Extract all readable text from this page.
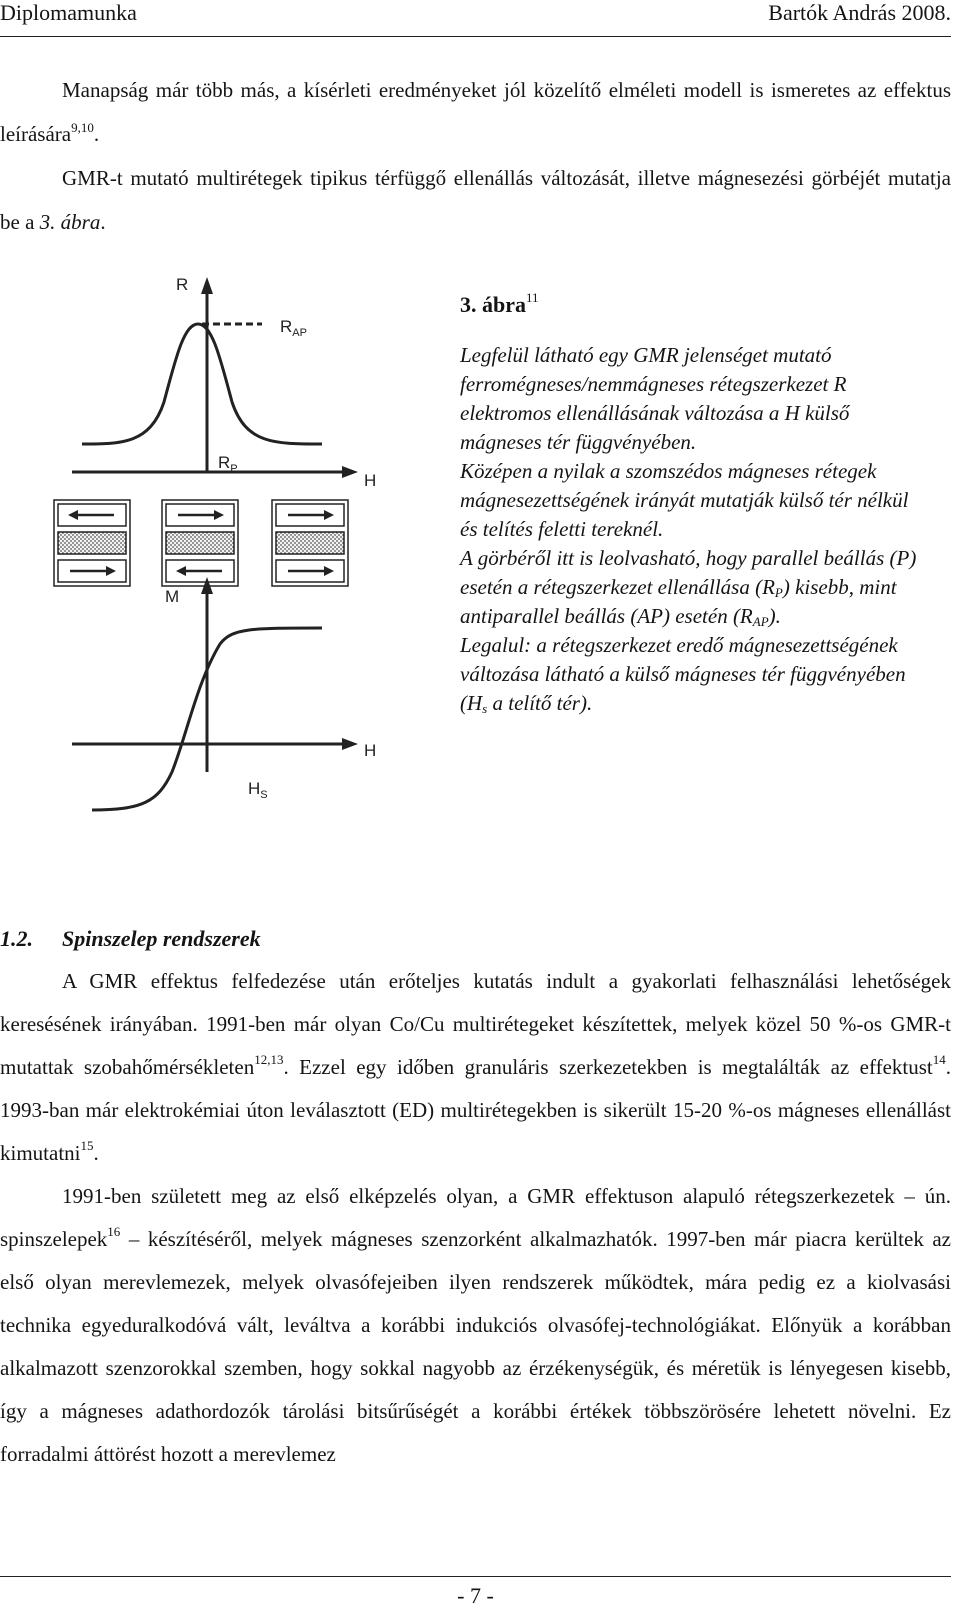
Diplomamunka	Bartók András 2008.

Manapság már több más, a kísérleti eredményeket jól közelítő elméleti modell is ismeretes az effektus leírására$^{9,10}$.
GMR-t mutató multirétegek tipikus térfüggő ellenállás változását, illetve mágnesezési görbéjét mutatja be a 3. ábra.

R
$R_{AP}$
$R_P$
H
M
H
$H_S$
3. ábra$^{11}$
Legfelül látható egy GMR jelenséget mutató ferromégneses/nemmágneses rétegszerkezet R elektromos ellenállásának változása a H külső mágneses tér függvényében.
Középen a nyilak a szomszédos mágneses rétegek mágnesezettségének irányát mutatják külső tér nélkül és telítés feletti tereknél.
A görbéről itt is leolvasható, hogy parallel beállás (P) esetén a rétegszerkezet ellenállása $(R_P)$ kisebb, mint antiparallel beállás (AP) esetén $(R_{AP})$.
Legalul: a rétegszerkezet eredő mágnesezettségének változása látható a külső mágneses tér függvényében ($H_s$ a telítő tér).
1.2. Spinszelep rendszerek

A GMR effektus felfedezése után erőteljes kutatás indult a gyakorlati felhasználási lehetőségek keresésének irányában. 1991-ben már olyan Co/Cu multirétegeket készítettek, melyek közel 50 %-os GMR-t mutattak szobahőmérsékleten$^{12,13}$. Ezzel egy időben granuláris szerkezetekben is megtalálták az effektust$^{14}$. 1993-ban már elektrokémiai úton leválasztott (ED) multirétegekben is sikerült 15-20 %-os mágneses ellenállást kimutatni$^{15}$.

1991-ben született meg az első elképzelés olyan, a GMR effektuson alapuló rétegszerkezetek – ún. spinszelepek$^{16}$ – készítéséről, melyek mágneses szenzorként alkalmazhatók. 1997-ben már piacra kerültek az első olyan merevlemezek, melyek olvasófejeiben ilyen rendszerek működtek, mára pedig ez a kiolvasási technika egyeduralkodóvá vált, leváltva a korábbi indukciós olvasófej-technológiákat. Előnyük a korábban alkalmazott szenzorokkal szemben, hogy sokkal nagyobb az érzékenységük, és méretük is lényegesen kisebb, így a mágneses adathordozók tárolási bitsűrűségét a korábbi értékek többszörösére lehetett növelni. Ez forradalmi áttörést hozott a merevlemez

- 7 -
